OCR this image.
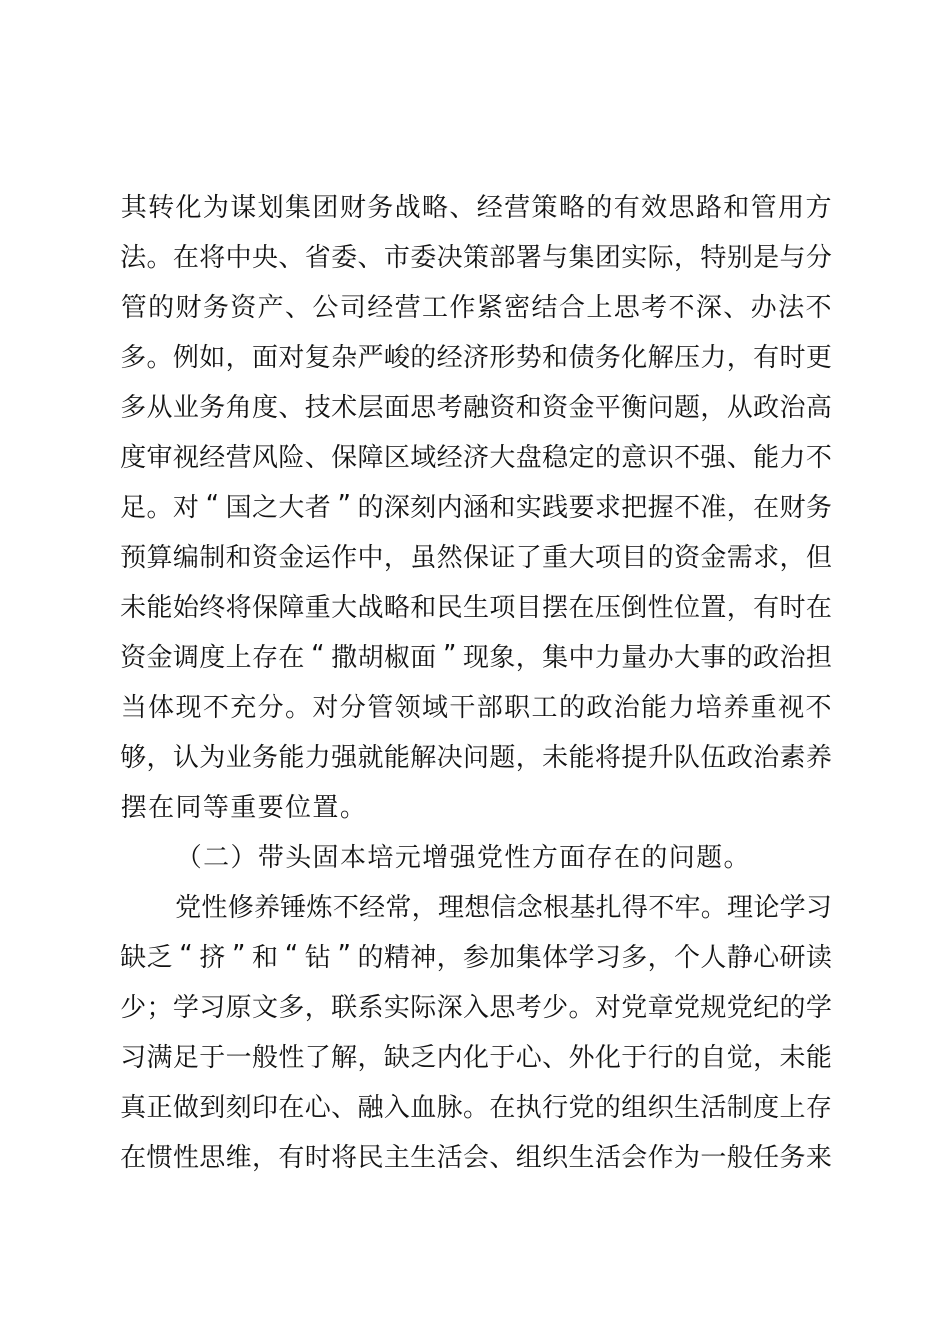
其 转 化 为 谋 划 集 团 财 务 战 略 、 经 营 策 略 的 有 效 思 路 和 管 用 方
法 。 在 将 中 央 、 省 委 、 市 委 决 策 部 署 与 集 团 实 际 ， 特 别 是 与 分
管 的 财 务 资 产 、 公 司 经 营 工 作 紧 密 结 合 上 思 考 不 深 、 办 法 不
多 。 例 如 ， 面 对 复 杂 严 峻 的 经 济 形 势 和 债 务 化 解 压 力 ， 有 时 更
多 从 业 务 角 度 、 技 术 层 面 思 考 融 资 和 资 金 平 衡 问 题 ， 从 政 治 高
度 审 视 经 营 风 险 、 保 障 区 域 经 济 大 盘 稳 定 的 意 识 不 强 、 能 力 不
足 。 对 “ 国 之 大 者 ” 的 深 刻 内 涵 和 实 践 要 求 把 握 不 准 ， 在 财 务
预 算 编 制 和 资 金 运 作 中 ， 虽 然 保 证 了 重 大 项 目 的 资 金 需 求 ， 但
未 能 始 终 将 保 障 重 大 战 略 和 民 生 项 目 摆 在 压 倒 性 位 置 ， 有 时 在
资 金 调 度 上 存 在 “ 撒 胡 椒 面 ” 现 象 ， 集 中 力 量 办 大 事 的 政 治 担
当 体 现 不 充 分 。 对 分 管 领 域 干 部 职 工 的 政 治 能 力 培 养 重 视 不
够 ， 认 为 业 务 能 力 强 就 能 解 决 问 题 ， 未 能 将 提 升 队 伍 政 治 素 养
摆 在 同 等 重 要 位 置 。
（ 二 ） 带 头 固 本 培 元 增 强 党 性 方 面 存 在 的 问 题 。
党 性 修 养 锤 炼 不 经 常 ， 理 想 信 念 根 基 扎 得 不 牢 。 理 论 学 习
缺 乏 “ 挤 ” 和 “ 钻 ” 的 精 神 ， 参 加 集 体 学 习 多 ， 个 人 静 心 研 读
少 ； 学 习 原 文 多 ， 联 系 实 际 深 入 思 考 少 。 对 党 章 党 规 党 纪 的 学
习 满 足 于 一 般 性 了 解 ， 缺 乏 内 化 于 心 、 外 化 于 行 的 自 觉 ， 未 能
真 正 做 到 刻 印 在 心 、 融 入 血 脉 。 在 执 行 党 的 组 织 生 活 制 度 上 存
在 惯 性 思 维 ， 有 时 将 民 主 生 活 会 、 组 织 生 活 会 作 为 一 般 任 务 来
